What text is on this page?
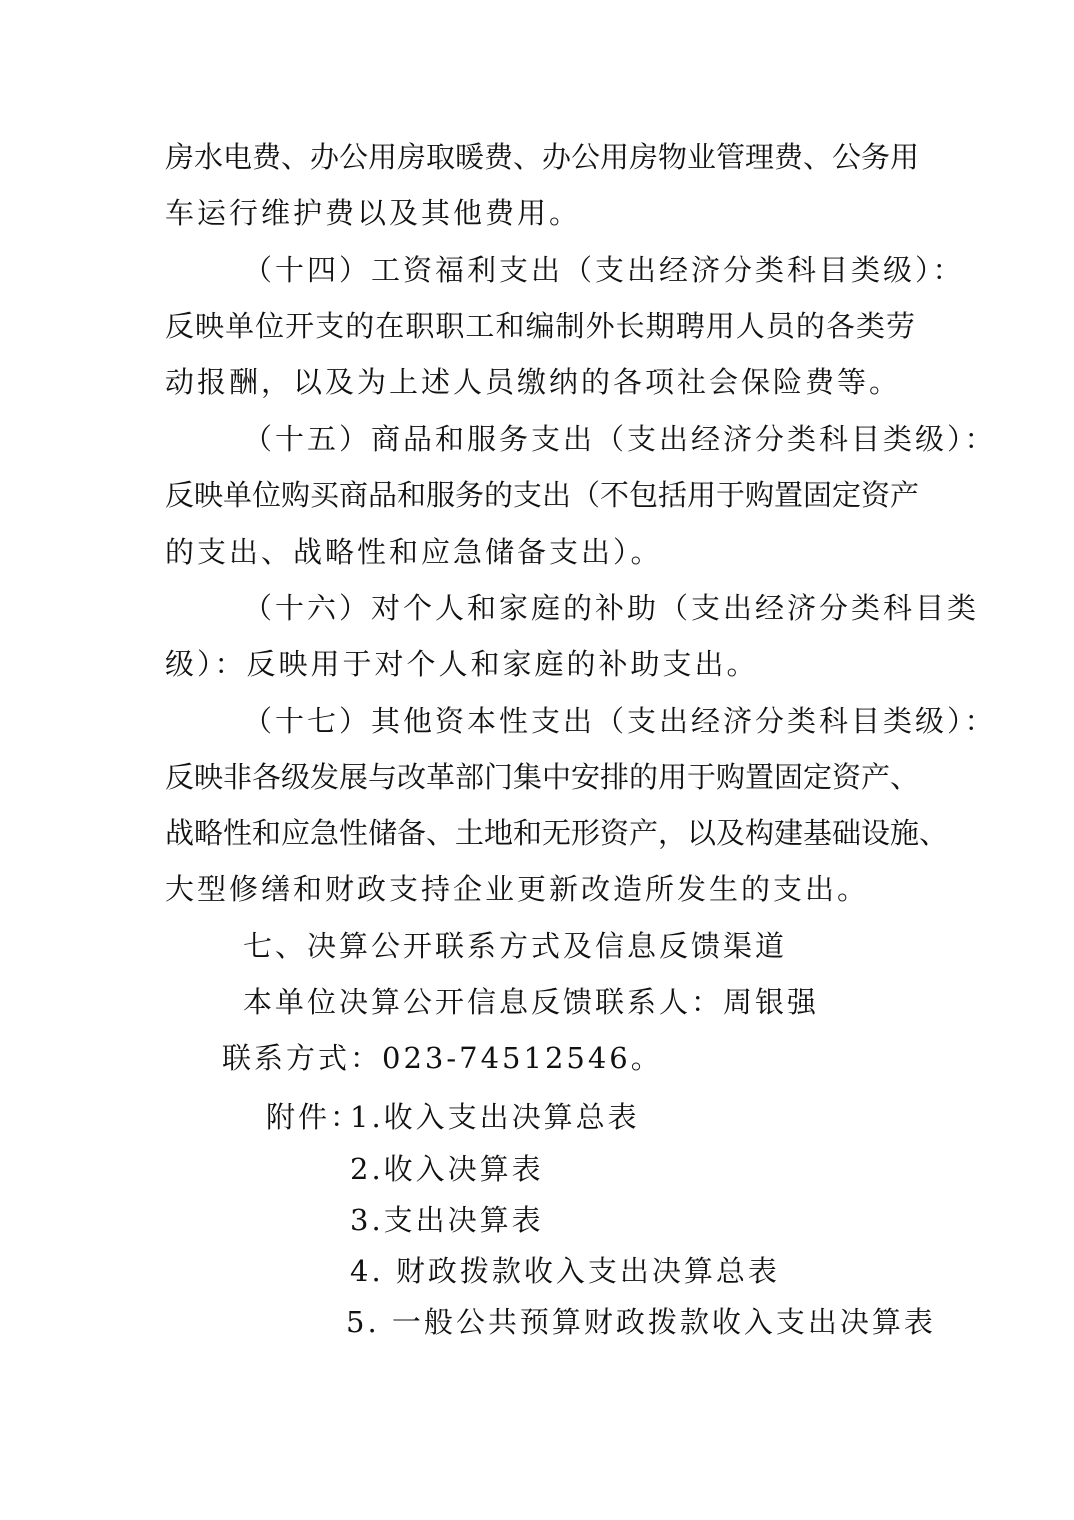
房水电费、办公用房取暖费、办公用房物业管理费、公务用
车运行维护费以及其他费用。
（十四）工资福利支出（支出经济分类科目类级）：
反映单位开支的在职职工和编制外长期聘用人员的各类劳
动报酬，以及为上述人员缴纳的各项社会保险费等。
（十五）商品和服务支出（支出经济分类科目类级）：
反映单位购买商品和服务的支出（不包括用于购置固定资产
的支出、战略性和应急储备支出）。
（十六）对个人和家庭的补助（支出经济分类科目类
级）：反映用于对个人和家庭的补助支出。
（十七）其他资本性支出（支出经济分类科目类级）：
反映非各级发展与改革部门集中安排的用于购置固定资产、
战略性和应急性储备、土地和无形资产，以及构建基础设施、
大型修缮和财政支持企业更新改造所发生的支出。
七、决算公开联系方式及信息反馈渠道
本单位决算公开信息反馈联系人：周银强
联系方式：023-74512546。
附件：
1.收入支出决算总表
2.收入决算表
3.支出决算表
4. 财政拨款收入支出决算总表
5. 一般公共预算财政拨款收入支出决算表
